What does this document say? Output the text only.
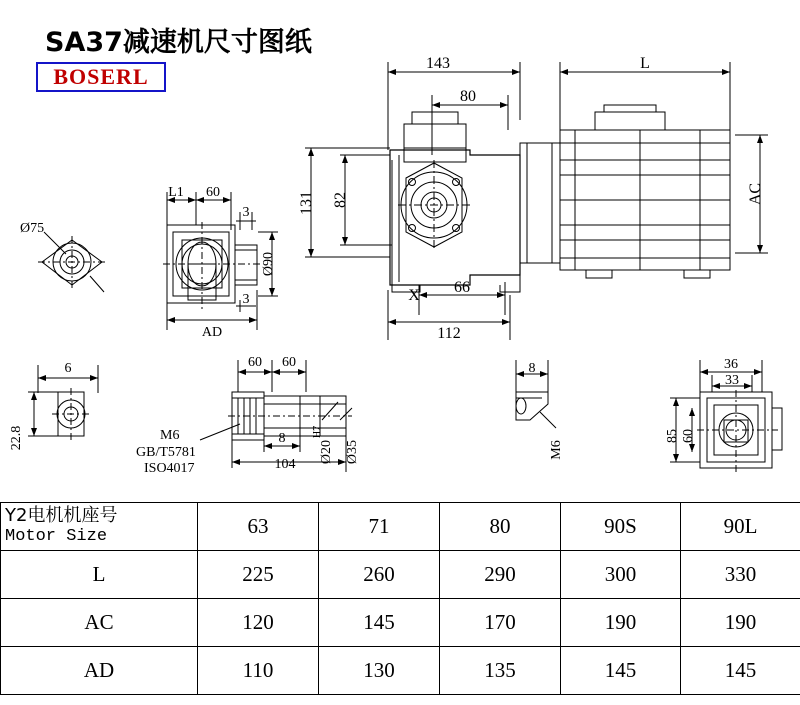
SA37减速机尺寸图纸
BOSERL
143
80
L
131 82	AC
X 66
112
L1 60
3
3
Ø90
AD
Ø75
6
22.8
60 60
8
104
M6
GB/T5781
ISO4017
Ø20
H7
Ø35
8
M6
36
33
85 60
Y2电机机座号
Motor Size	63	71	80	90S	90L
L	225	260	290	300	330
AC	120	145	170	190	190
AD	110	130	135	145	145
